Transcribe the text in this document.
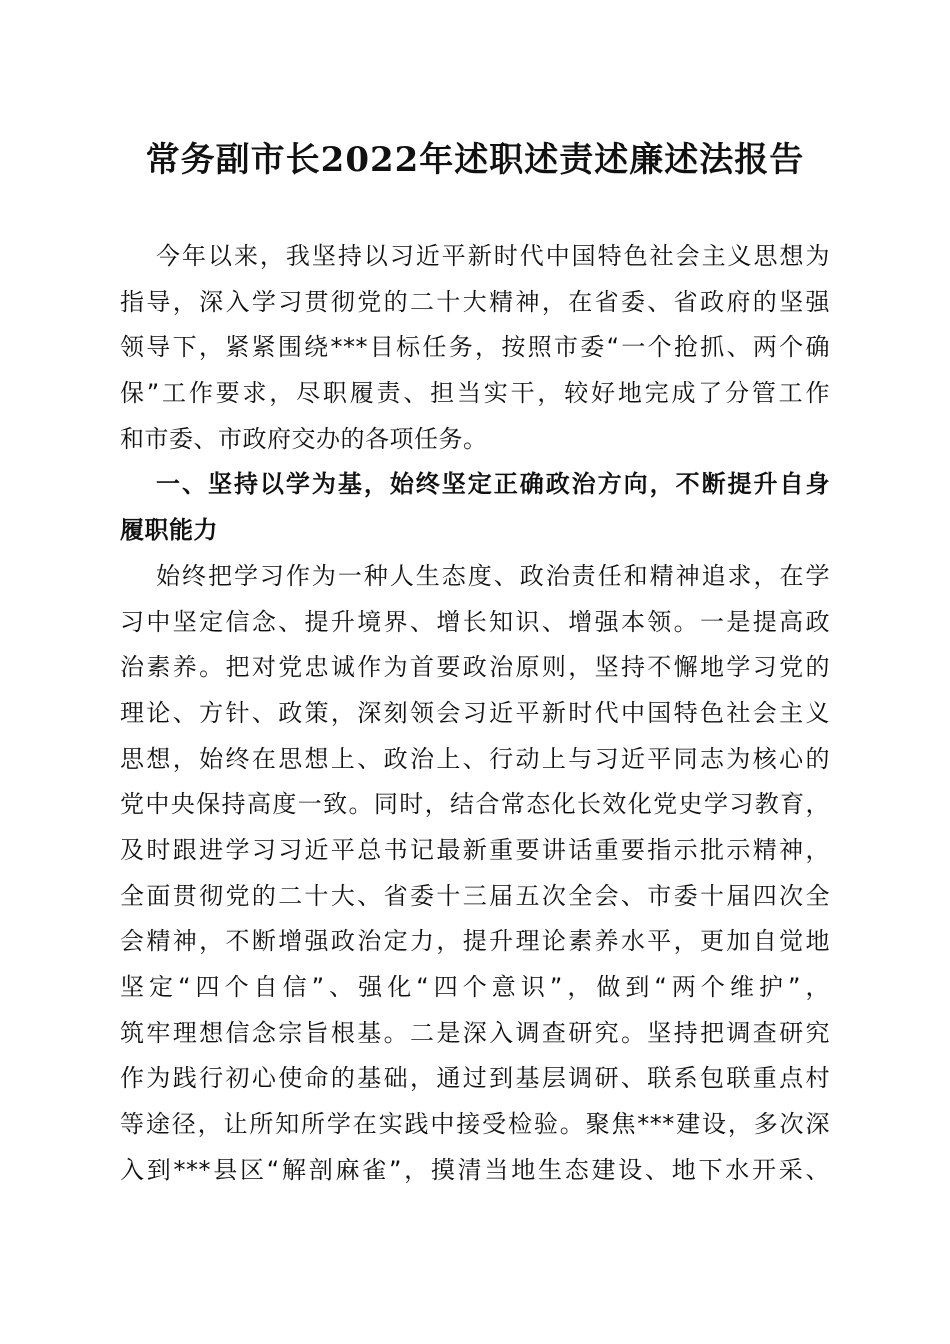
常务副市长2022年述职述责述廉述法报告
今年以来，我坚持以习近平新时代中国特色社会主义思想为
指导，深入学习贯彻党的二十大精神，在省委、省政府的坚强
领导下，紧紧围绕***目标任务，按照市委“一个抢抓、两个确
保”工作要求，尽职履责、担当实干，较好地完成了分管工作
和市委、市政府交办的各项任务。
一、坚持以学为基，始终坚定正确政治方向，不断提升自身
履职能力
始终把学习作为一种人生态度、政治责任和精神追求，在学
习中坚定信念、提升境界、增长知识、增强本领。一是提高政
治素养。把对党忠诚作为首要政治原则，坚持不懈地学习党的
理论、方针、政策，深刻领会习近平新时代中国特色社会主义
思想，始终在思想上、政治上、行动上与习近平同志为核心的
党中央保持高度一致。同时，结合常态化长效化党史学习教育，
及时跟进学习习近平总书记最新重要讲话重要指示批示精神，
全面贯彻党的二十大、省委十三届五次全会、市委十届四次全
会精神，不断增强政治定力，提升理论素养水平，更加自觉地
坚定“四个自信”、强化“四个意识”，做到“两个维护”，
筑牢理想信念宗旨根基。二是深入调查研究。坚持把调查研究
作为践行初心使命的基础，通过到基层调研、联系包联重点村
等途径，让所知所学在实践中接受检验。聚焦***建设，多次深
入到***县区“解剖麻雀”，摸清当地生态建设、地下水开采、
